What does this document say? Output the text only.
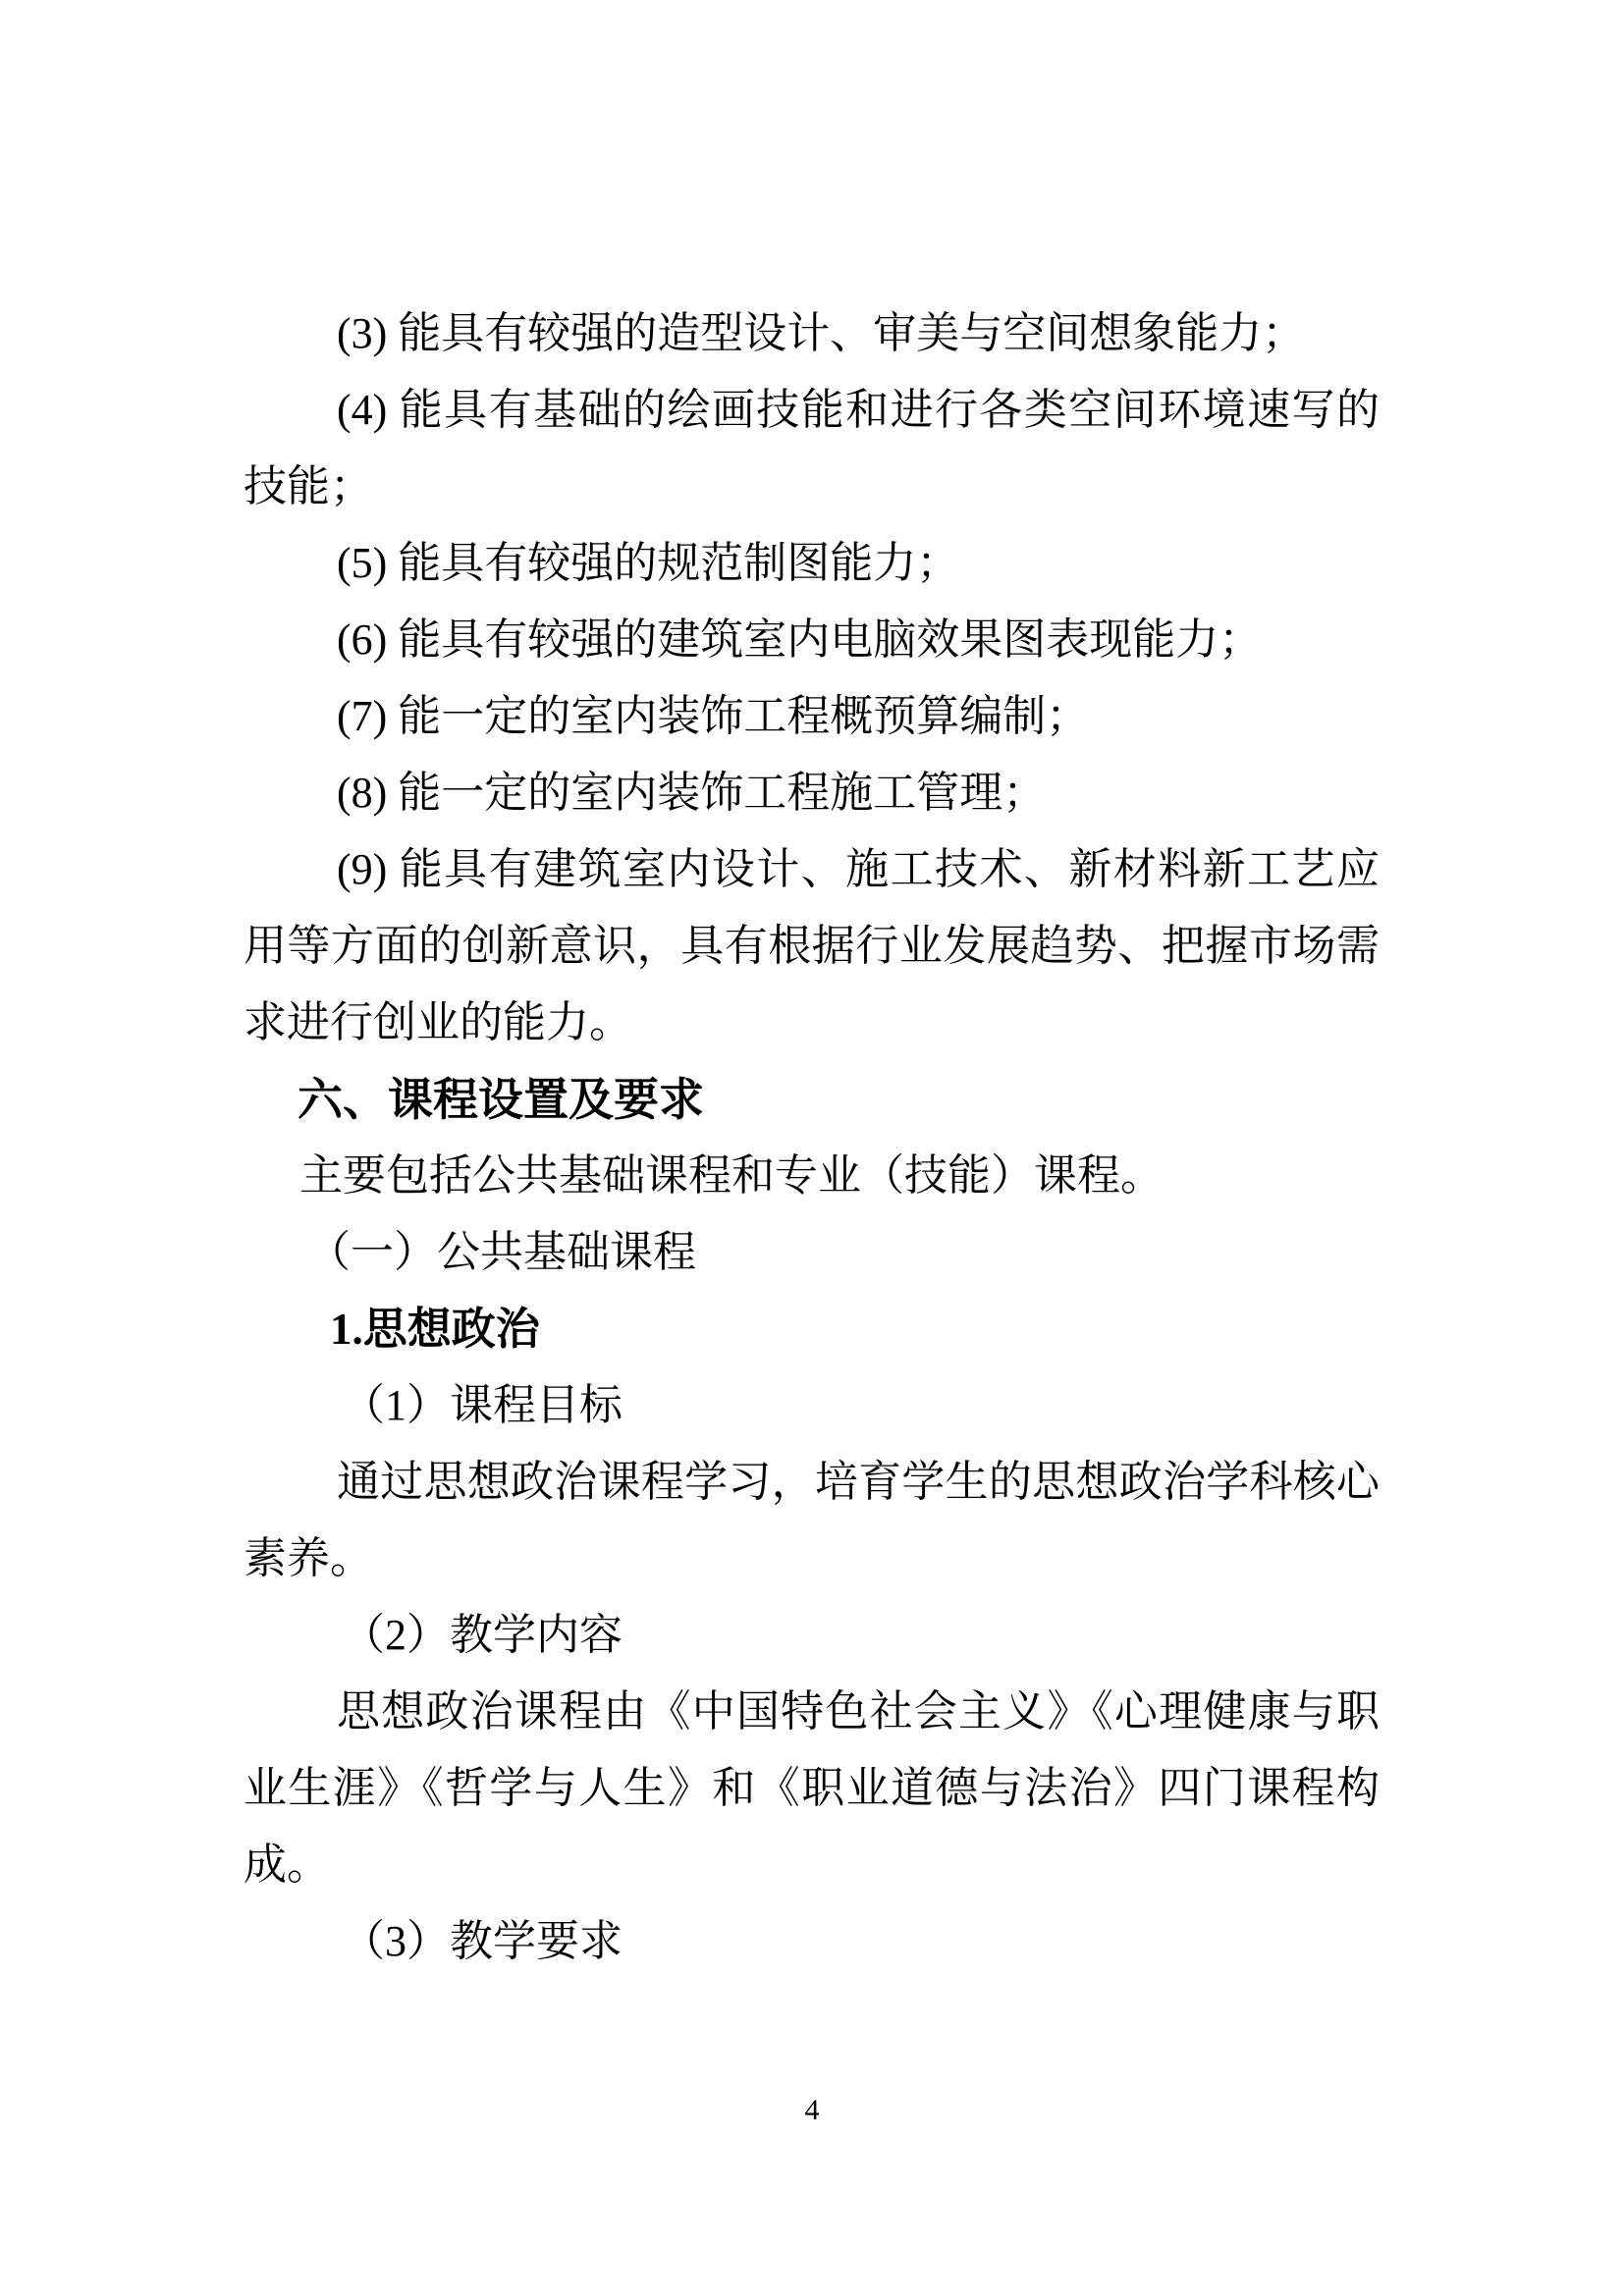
4
(3) 能具有较强的造型设计、审美与空间想象能力；
(4) 能具有基础的绘画技能和进行各类空间环境速写的
技能；
(5) 能具有较强的规范制图能力；
(6) 能具有较强的建筑室内电脑效果图表现能力；
(7) 能一定的室内装饰工程概预算编制；
(8) 能一定的室内装饰工程施工管理；
(9) 能具有建筑室内设计、施工技术、新材料新工艺应
用等方面的创新意识，具有根据行业发展趋势、把握市场需
求进行创业的能力。
六、课程设置及要求
主要包括公共基础课程和专业（技能）课程。
（一）公共基础课程
1.思想政治
（1）课程目标
通过思想政治课程学习，培育学生的思想政治学科核心
素养。
（2）教学内容
思想政治课程由《中国特色社会主义》《心理健康与职
业生涯》《哲学与人生》和《职业道德与法治》四门课程构
成。
（3）教学要求
